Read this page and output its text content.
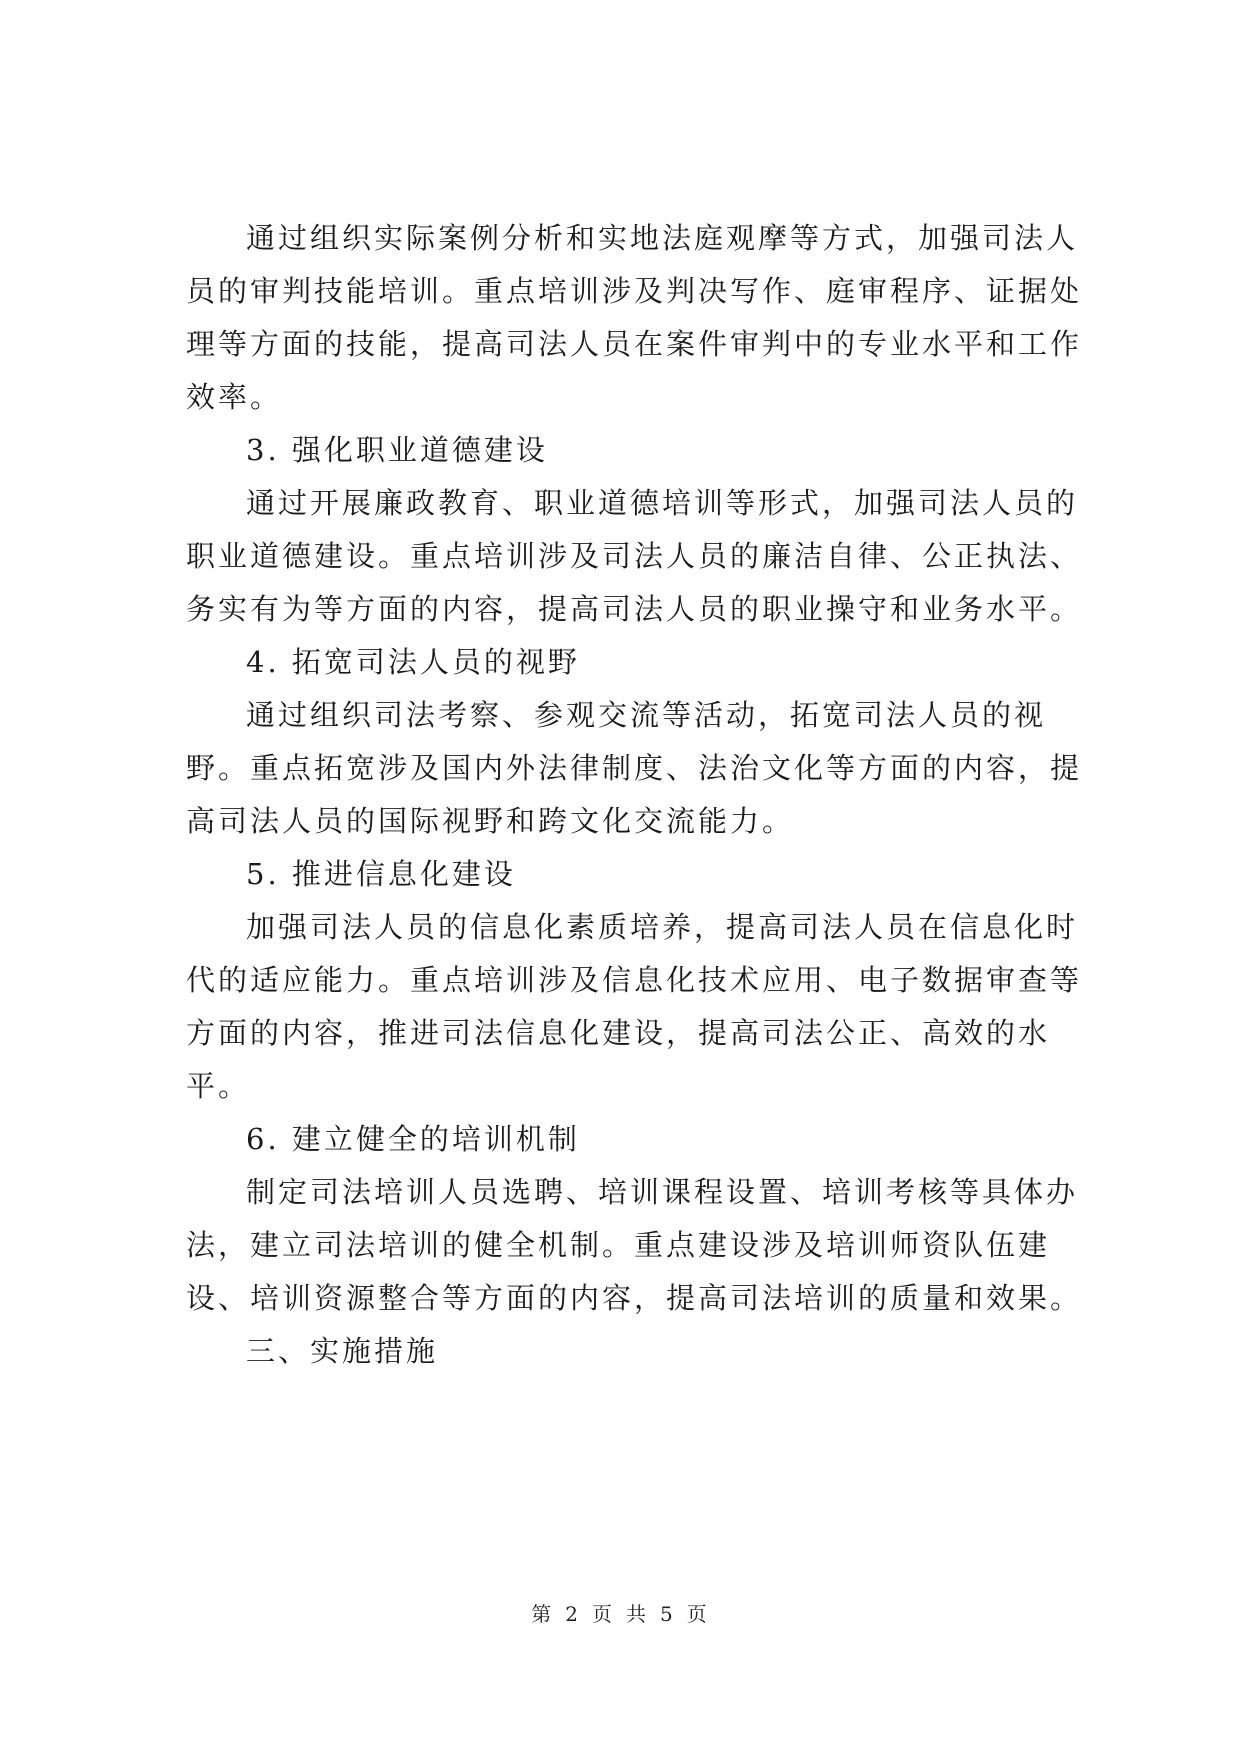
通过组织实际案例分析和实地法庭观摩等方式，加强司法人
员的审判技能培训。重点培训涉及判决写作、庭审程序、证据处
理等方面的技能，提高司法人员在案件审判中的专业水平和工作
效率。
3. 强化职业道德建设
通过开展廉政教育、职业道德培训等形式，加强司法人员的
职业道德建设。重点培训涉及司法人员的廉洁自律、公正执法、
务实有为等方面的内容，提高司法人员的职业操守和业务水平。
4. 拓宽司法人员的视野
通过组织司法考察、参观交流等活动，拓宽司法人员的视
野。重点拓宽涉及国内外法律制度、法治文化等方面的内容，提
高司法人员的国际视野和跨文化交流能力。
5. 推进信息化建设
加强司法人员的信息化素质培养，提高司法人员在信息化时
代的适应能力。重点培训涉及信息化技术应用、电子数据审查等
方面的内容，推进司法信息化建设，提高司法公正、高效的水
平。
6. 建立健全的培训机制
制定司法培训人员选聘、培训课程设置、培训考核等具体办
法，建立司法培训的健全机制。重点建设涉及培训师资队伍建
设、培训资源整合等方面的内容，提高司法培训的质量和效果。
三、实施措施
第 2 页 共 5 页
